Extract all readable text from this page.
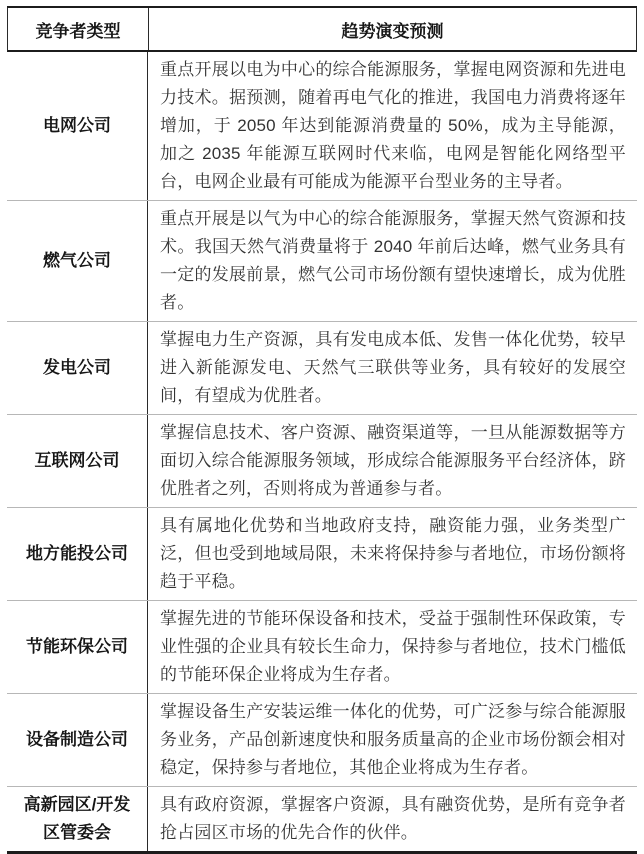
竞争者类型	趋势演变预测
电网公司
重点开展以电为中心的综合能源服务，掌握电网资源和先进电力技术。据预测，随着再电气化的推进，我国电力消费将逐年增加，于 2050 年达到能源消费量的 50%，成为主导能源，加之 2035 年能源互联网时代来临，电网是智能化网络型平台，电网企业最有可能成为能源平台型业务的主导者。
燃气公司
重点开展是以气为中心的综合能源服务，掌握天然气资源和技术。我国天然气消费量将于 2040 年前后达峰，燃气业务具有一定的发展前景，燃气公司市场份额有望快速增长，成为优胜者。
发电公司
掌握电力生产资源，具有发电成本低、发售一体化优势，较早进入新能源发电、天然气三联供等业务，具有较好的发展空间，有望成为优胜者。
互联网公司
掌握信息技术、客户资源、融资渠道等，一旦从能源数据等方面切入综合能源服务领域，形成综合能源服务平台经济体，跻优胜者之列，否则将成为普通参与者。
地方能投公司
具有属地化优势和当地政府支持，融资能力强，业务类型广泛，但也受到地域局限，未来将保持参与者地位，市场份额将趋于平稳。
节能环保公司
掌握先进的节能环保设备和技术，受益于强制性环保政策，专业性强的企业具有较长生命力，保持参与者地位，技术门槛低的节能环保企业将成为生存者。
设备制造公司
掌握设备生产安装运维一体化的优势，可广泛参与综合能源服务业务，产品创新速度快和服务质量高的企业市场份额会相对稳定，保持参与者地位，其他企业将成为生存者。
高新园区/开发区管委会
具有政府资源，掌握客户资源，具有融资优势，是所有竞争者抢占园区市场的优先合作的伙伴。
